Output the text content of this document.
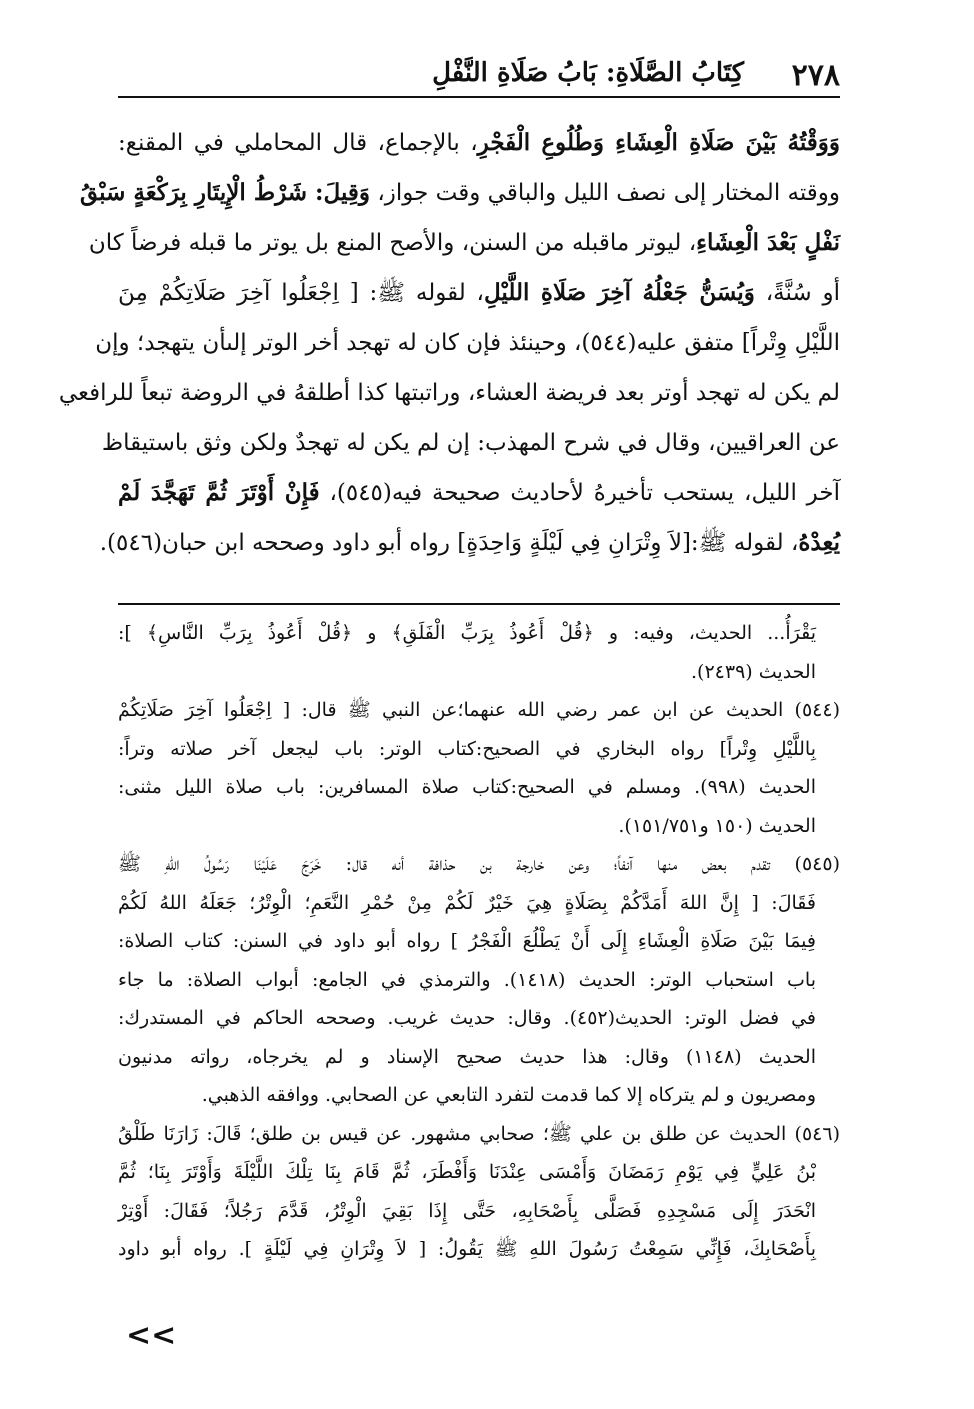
٢٧٨
كِتَابُ الصَّلَاةِ: بَابُ صَلَاةِ النَّفْلِ
وَوَقْتُهُ بَيْنَ صَلَاةِ الْعِشَاءِ وَطُلُوعِ الْفَجْرِ، بالإجماع، قال المحاملي في المقنع:
ووقته المختار إلى نصف الليل والباقي وقت جواز، وَقِيلَ: شَرْطُ الْإِيتَارِ بِرَكْعَةٍ سَبْقُ
نَفْلٍ بَعْدَ الْعِشَاءِ، ليوتر ماقبله من السنن، والأصح المنع بل يوتر ما قبله فرضاً كان
أو سُنَّةً، وَيُسَنُّ جَعْلُهُ آخِرَ صَلَاةِ اللَّيْلِ، لقوله ﷺ: [ اِجْعَلُوا آخِرَ صَلَاتِكُمْ مِنَ
اللَّيْلِ وِتْراً] متفق عليه(٥٤٤)، وحينئذ فإن كان له تهجد أخر الوتر إلىأن يتهجد؛ وإن
لم يكن له تهجد أوتر بعد فريضة العشاء، وراتبتها كذا أطلقهُ في الروضة تبعاً للرافعي
عن العراقيين، وقال في شرح المهذب: إن لم يكن له تهجدٌ ولكن وثق باستيقاظ
آخر الليل، يستحب تأخيرهُ لأحاديث صحيحة فيه(٥٤٥)، فَإِنْ أَوْتَرَ ثُمَّ تَهَجَّدَ لَمْ
يُعِدْهُ، لقوله ﷺ:[لاَ وِتْرَانِ فِي لَيْلَةٍ وَاحِدَةٍ] رواه أبو داود وصححه ابن حبان(٥٤٦).
يَقْرَأُ... الحديث، وفيه: و ﴿قُلْ أَعُوذُ بِرَبِّ الْفَلَقِ﴾ و ﴿قُلْ أَعُوذُ بِرَبِّ النَّاسِ﴾ ]:
الحديث (٢٤٣٩).
(٥٤٤) الحديث عن ابن عمر رضي الله عنهما؛عن النبي ﷺ قال: [ اِجْعَلُوا آخِرَ صَلَاتِكُمْ
بِاللَّيْلِ وِتْراً] رواه البخاري في الصحيح:كتاب الوتر: باب ليجعل آخر صلاته وتراً:
الحديث (٩٩٨). ومسلم في الصحيح:كتاب صلاة المسافرين: باب صلاة الليل مثنى:
الحديث (١٥٠ و١٥١/٧٥١).
(٥٤٥) تقدم بعض منها آنفاً؛ وعن خارجة بن حذافة أنه قال: خَرَجَ عَلَيْنَا رَسُولُ اللهِ ﷺ
فَقَالَ: [ إِنَّ اللهَ أَمَدَّكُمْ بِصَلَاةٍ هِيَ خَيْرٌ لَكُمْ مِنْ حُمْرِ النَّعَمِ؛ الْوِتْرُ؛ جَعَلَهُ اللهُ لَكُمْ
فِيمَا بَيْنَ صَلَاةِ الْعِشَاءِ إِلَى أَنْ يَطْلُعَ الْفَجْرُ ] رواه أبو داود في السنن: كتاب الصلاة:
باب استحباب الوتر: الحديث (١٤١٨). والترمذي في الجامع: أبواب الصلاة: ما جاء
في فضل الوتر: الحديث(٤٥٢). وقال: حديث غريب. وصححه الحاكم في المستدرك:
الحديث (١١٤٨) وقال: هذا حديث صحيح الإسناد و لم يخرجاه، رواته مدنيون
ومصريون و لم يتركاه إلا كما قدمت لتفرد التابعي عن الصحابي. ووافقه الذهبي.
(٥٤٦) الحديث عن طلق بن علي ﷺ؛ صحابي مشهور. عن قيس بن طلق؛ قَالَ: زَارَنَا طَلْقُ
بْنُ عَلِيٍّ فِي يَوْمِ رَمَضَانَ وَأَمْسَى عِنْدَنَا وَأَفْطَرَ، ثُمَّ قَامَ بِنَا تِلْكَ اللَّيْلَةَ وَأَوْتَرَ بِنَا؛ ثُمَّ
انْحَدَرَ إِلَى مَسْجِدِهِ فَصَلَّى بِأَصْحَابِهِ، حَتَّى إِذَا بَقِيَ الْوِتْرُ، قَدَّمَ رَجُلاً؛ فَقَالَ: أَوْتِرْ
بِأَصْحَابِكَ، فَإِنِّي سَمِعْتُ رَسُولَ اللهِ ﷺ يَقُولُ: [ لاَ وِتْرَانِ فِي لَيْلَةٍ ]. رواه أبو داود
<<
